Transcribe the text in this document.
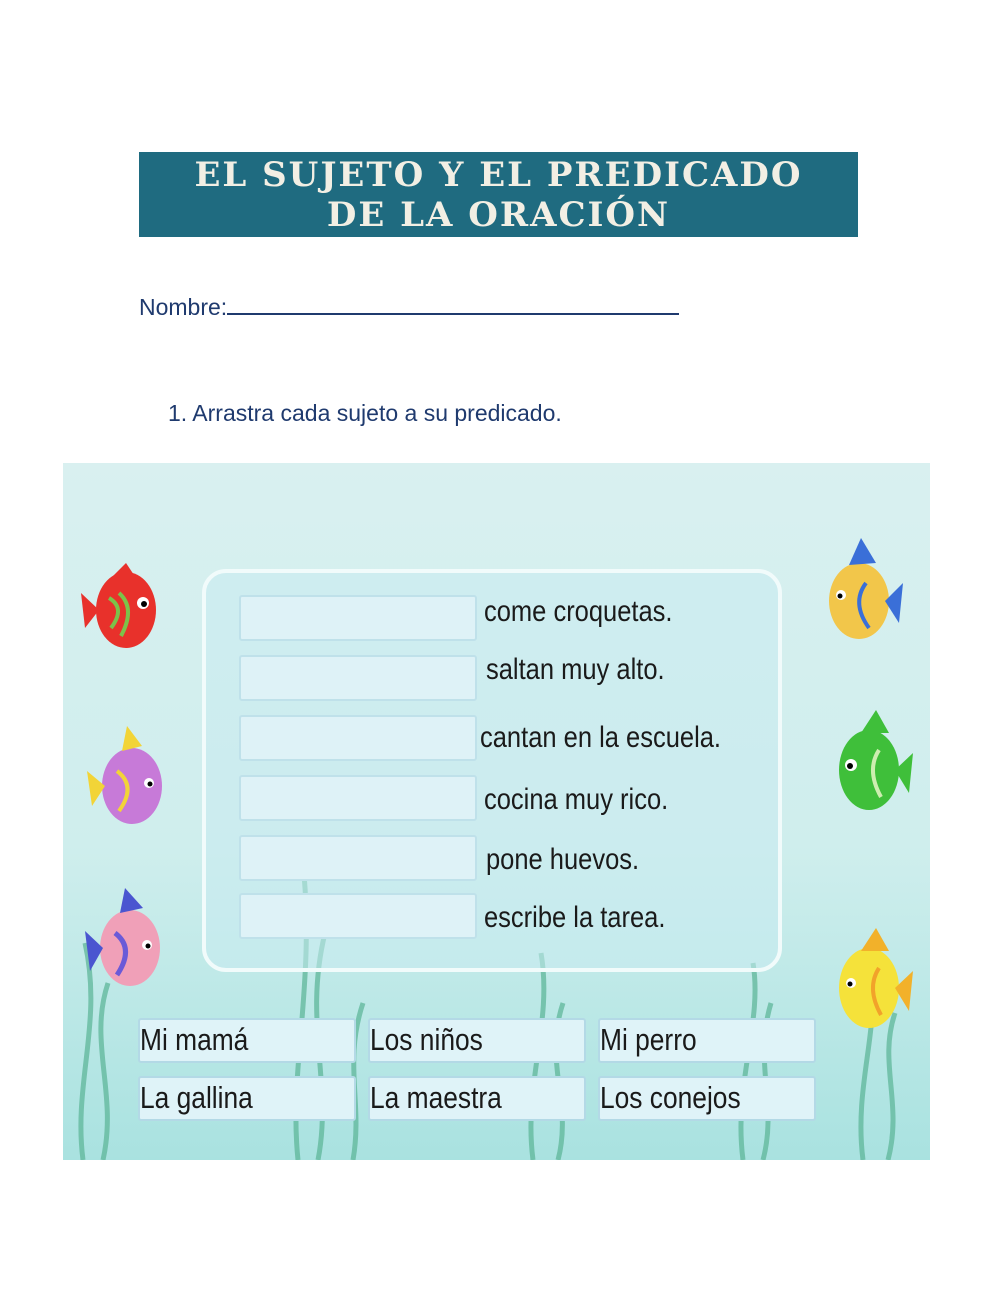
EL SUJETO Y EL PREDICADO
DE LA ORACIÓN
Nombre:
1. Arrastra cada sujeto a su predicado.
come croquetas.
saltan muy alto.
cantan en la escuela.
cocina muy rico.
pone huevos.
escribe la tarea.
Mi mamá	Los niños	Mi perro
La gallina	La maestra	Los conejos
